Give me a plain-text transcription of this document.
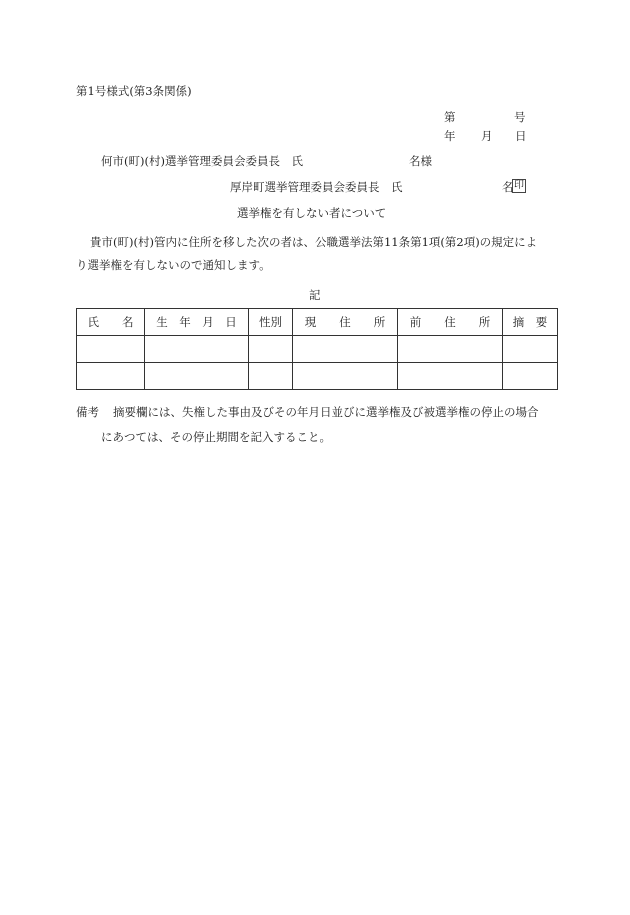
第1号様式(第3条関係)
第	号
年 月 日
何市(町)(村)選挙管理委員会委員長　氏	名様
厚岸町選挙管理委員会委員長　氏	名 印
選挙権を有しない者について
貴市(町)(村)管内に住所を移した次の者は、公職選挙法第11条第1項(第2項)の規定によ
り選挙権を有しないので通知します。
記
氏　　名	生　年　月　日	性別	現　　住　　所	前　　住　　所	摘　要

備考 摘要欄には、失権した事由及びその年月日並びに選挙権及び被選挙権の停止の場合
にあつては、その停止期間を記入すること。
